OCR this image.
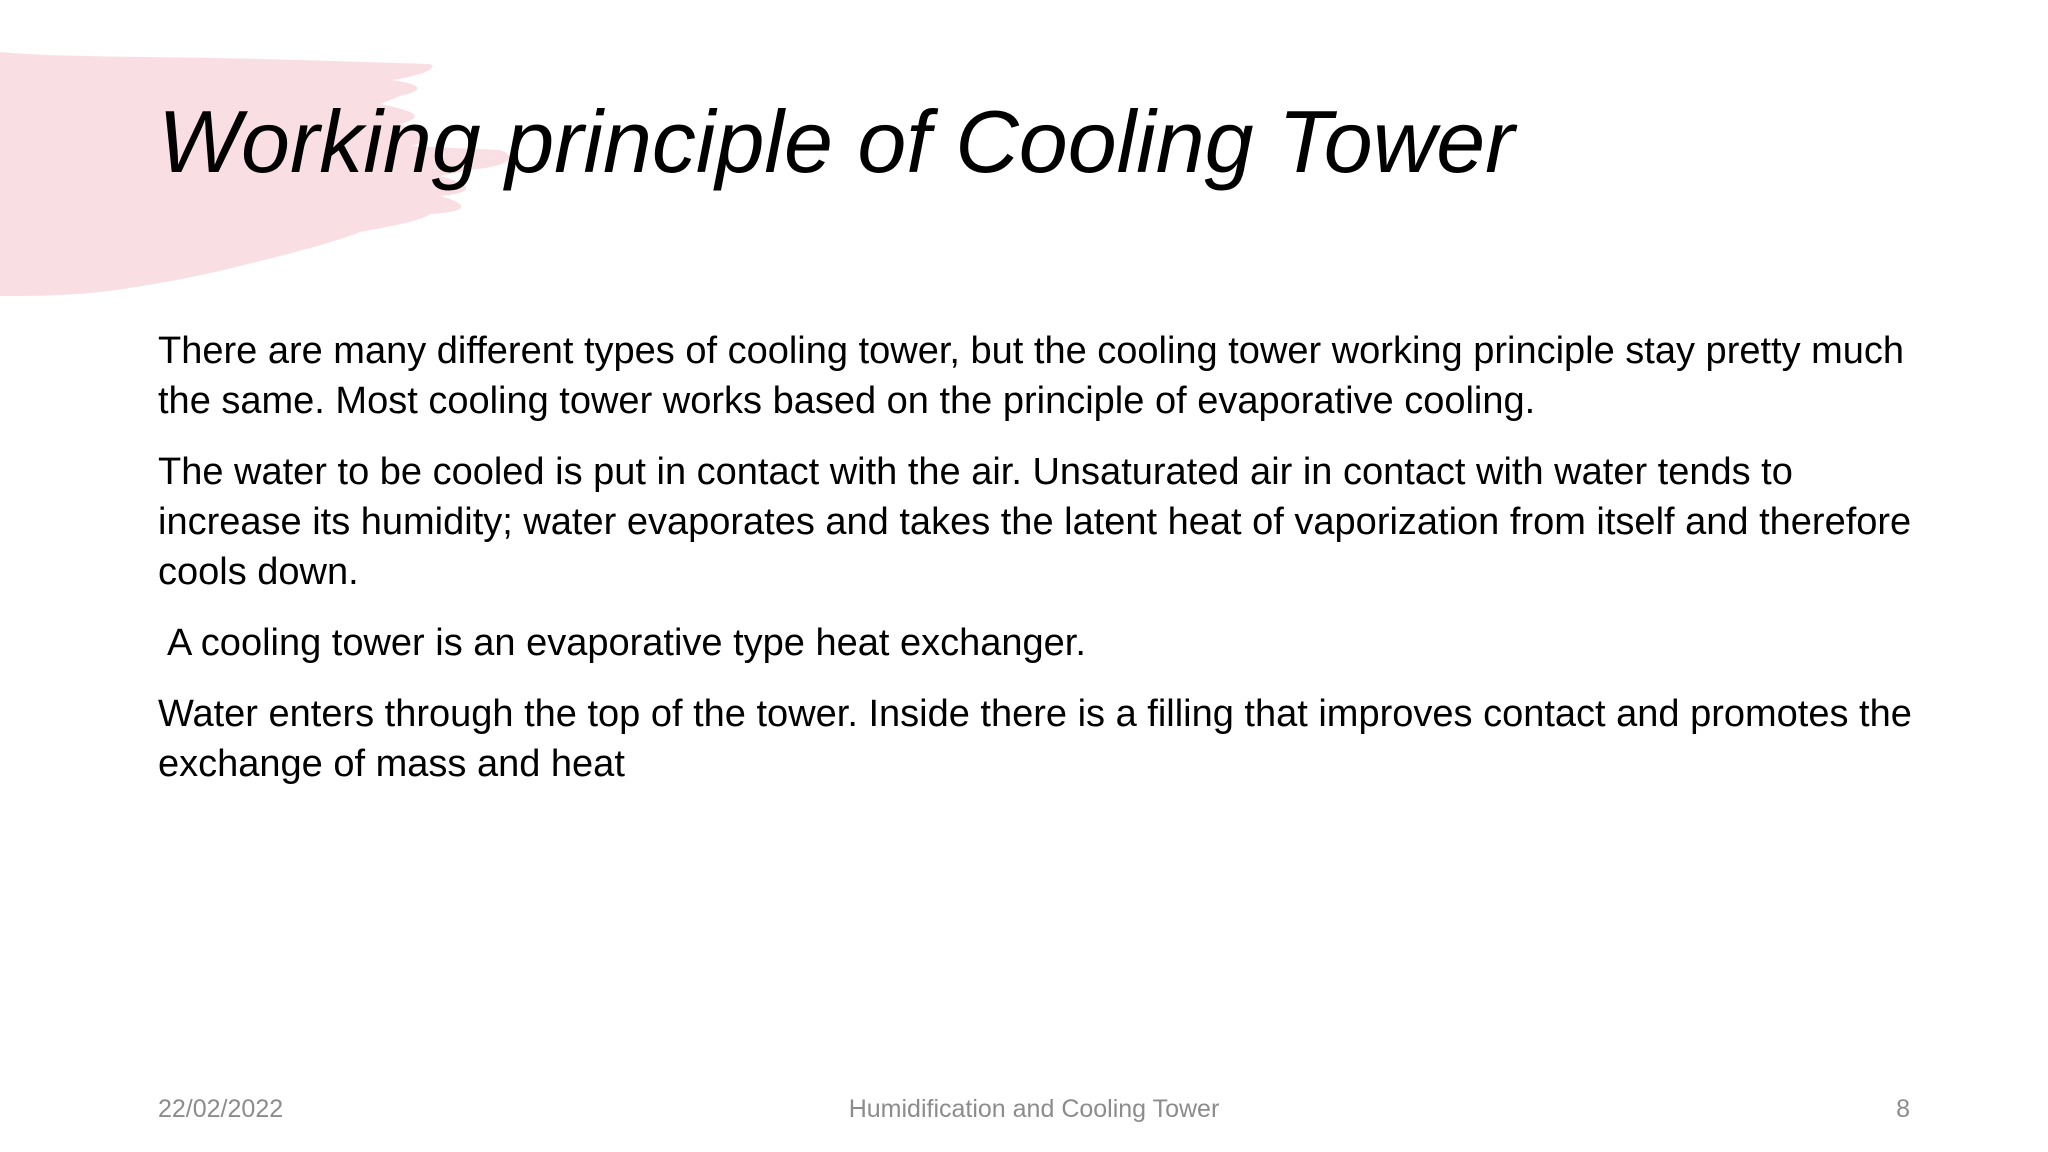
Working principle of Cooling Tower

There are many different types of cooling tower, but the cooling tower working principle stay pretty much the same. Most cooling tower works based on the principle of evaporative cooling.

The water to be cooled is put in contact with the air. Unsaturated air in contact with water tends to increase its humidity; water evaporates and takes the latent heat of vaporization from itself and therefore cools down.

A cooling tower is an evaporative type heat exchanger.

Water enters through the top of the tower. Inside there is a filling that improves contact and promotes the exchange of mass and heat

22/02/2022	Humidification and Cooling Tower	8
